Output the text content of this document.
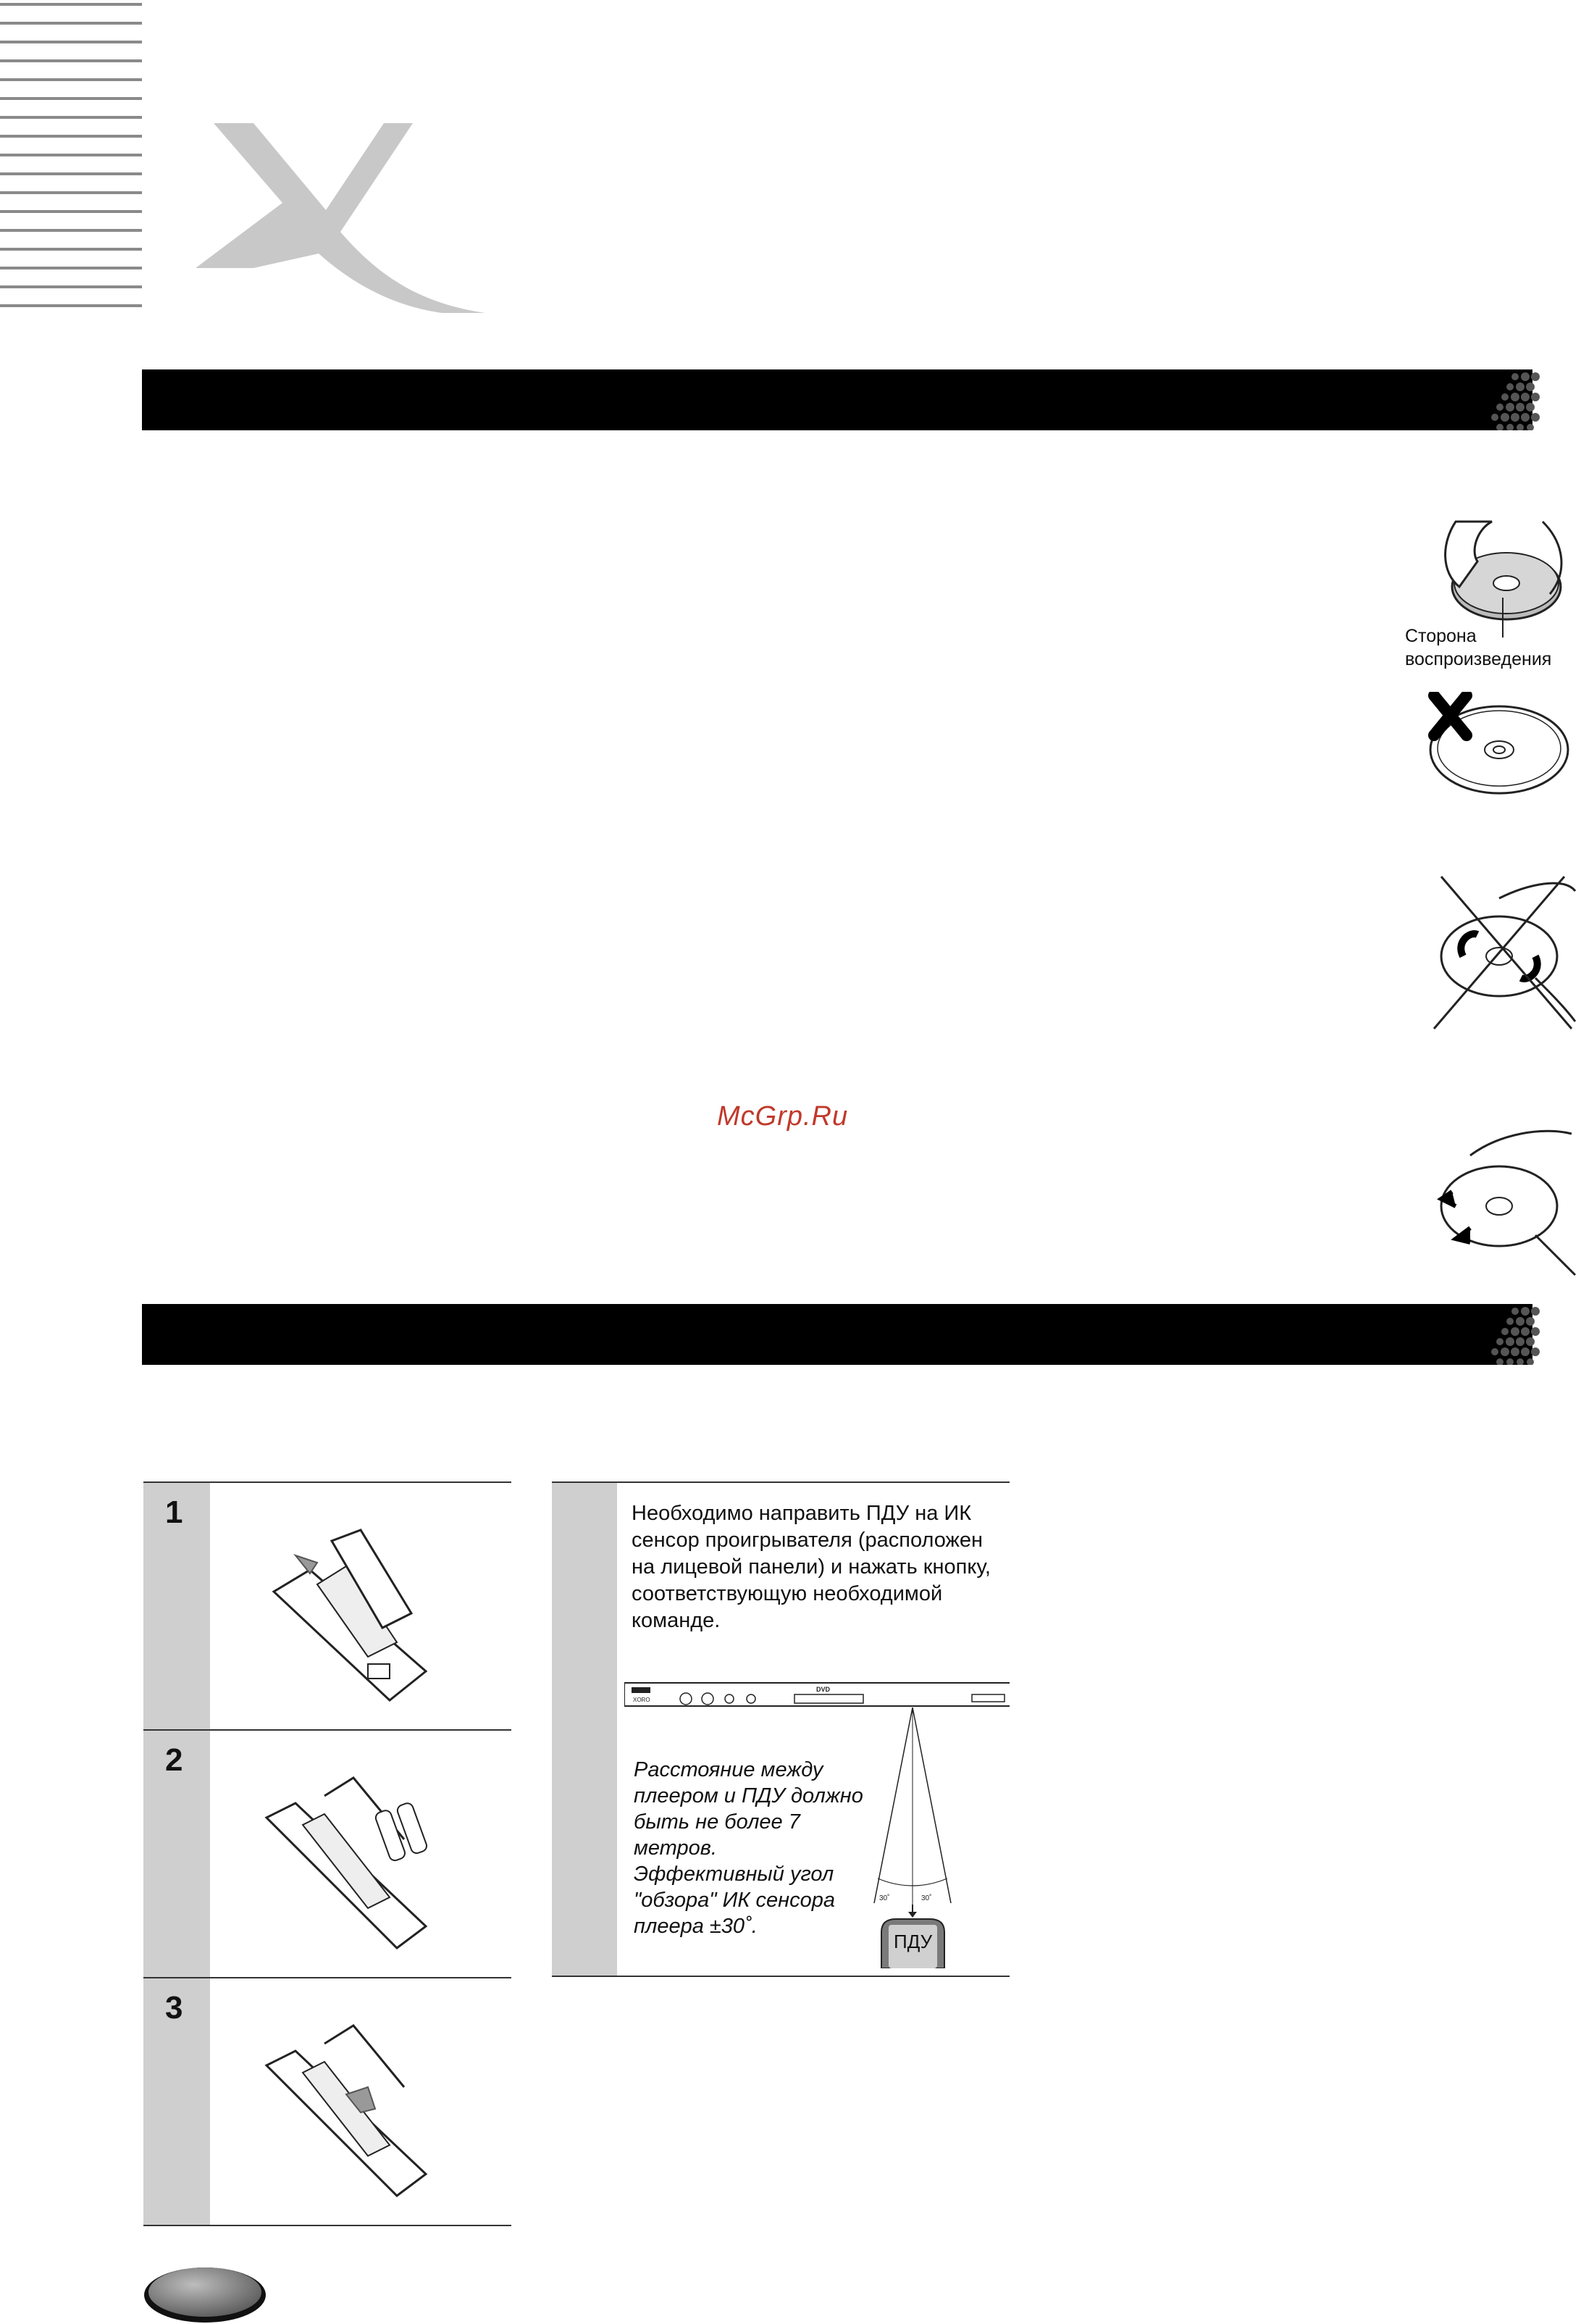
Сторона
воспроизведения
McGrp.Ru
1
2
3
Необходимо направить ПДУ на ИК сенсор проигрывателя (расположен на лицевой панели) и нажать кнопку, соответствующую необходимой команде.
XORO
DVD
30˚	30˚
ПДУ
Расстояние между плеером и ПДУ должно быть не более 7 метров. Эффективный угол "обзора" ИК сенсора плеера ±30˚.
